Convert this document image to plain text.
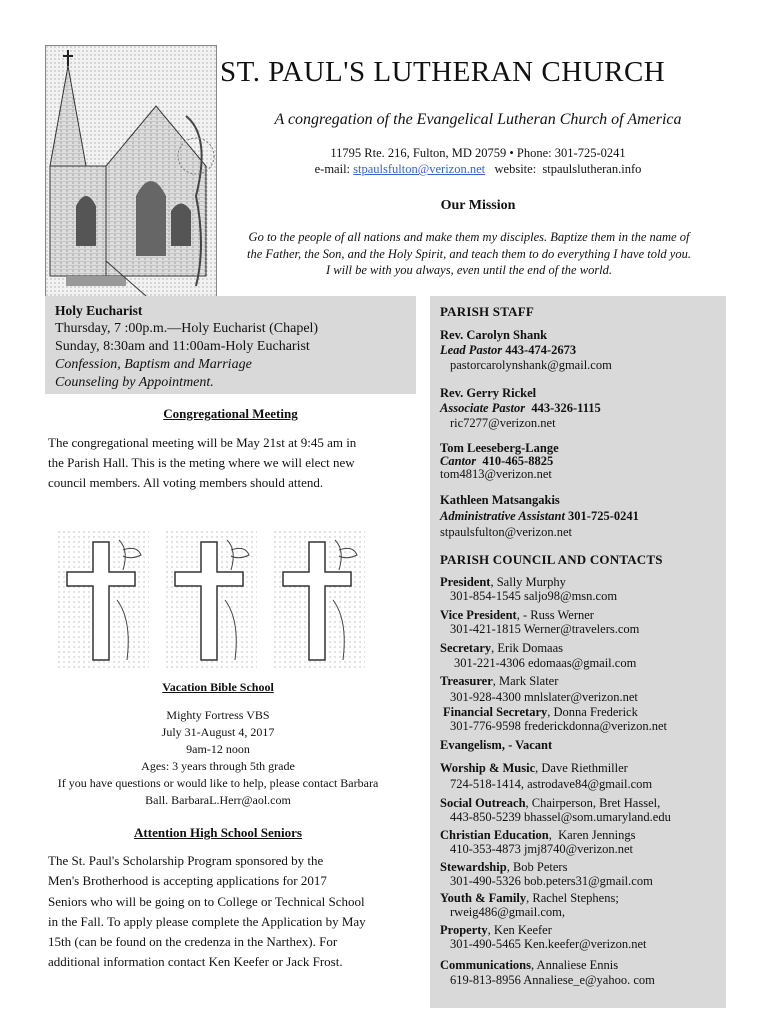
ST. PAUL'S LUTHERAN CHURCH
A congregation of the Evangelical Lutheran Church of America
11795 Rte. 216, Fulton, MD 20759 • Phone: 301-725-0241
e-mail: stpaulsfulton@verizon.net   website:  stpaulslutheran.info
Our Mission
Go to the people of all nations and make them my disciples. Baptize them in the name of
the Father, the Son, and the Holy Spirit, and teach them to do everything I have told you.
I will be with you always, even until the end of the world.
Holy Eucharist
Thursday, 7 :00p.m.—Holy Eucharist (Chapel)
Sunday, 8:30am and 11:00am-Holy Eucharist
Confession, Baptism and Marriage
Counseling by Appointment.
Congregational Meeting
The congregational meeting will be May 21st at 9:45 am in
the Parish Hall. This is the meting where we will elect new
council members. All voting members should attend.
Vacation Bible School
Mighty Fortress VBS
July 31-August 4, 2017
9am-12 noon
Ages: 3 years through 5th grade
If you have questions or would like to help, please contact Barbara
Ball. BarbaraL.Herr@aol.com
Attention High School Seniors
The St. Paul's Scholarship Program sponsored by the
Men's Brotherhood is accepting applications for 2017
Seniors who will be going on to College or Technical School
in the Fall. To apply please complete the Application by May
15th (can be found on the credenza in the Narthex). For
additional information contact Ken Keefer or Jack Frost.
PARISH STAFF
Rev. Carolyn Shank
Lead Pastor 443-474-2673
pastorcarolynshank@gmail.com
Rev. Gerry Rickel
Associate Pastor  443-326-1115
ric7277@verizon.net
Tom Leeseberg-Lange
Cantor  410-465-8825
tom4813@verizon.net
Kathleen Matsangakis
Administrative Assistant 301-725-0241
stpaulsfulton@verizon.net
PARISH COUNCIL AND CONTACTS
President, Sally Murphy
301-854-1545 saljo98@msn.com
Vice President, - Russ Werner
301-421-1815 Werner@travelers.com
Secretary, Erik Domaas
301-221-4306 edomaas@gmail.com
Treasurer, Mark Slater
301-928-4300 mnlslater@verizon.net
Financial Secretary, Donna Frederick
301-776-9598 frederickdonna@verizon.net
Evangelism, - Vacant
Worship & Music, Dave Riethmiller
724-518-1414, astrodave84@gmail.com
Social Outreach, Chairperson, Bret Hassel,
443-850-5239 bhassel@som.umaryland.edu
Christian Education,  Karen Jennings
410-353-4873 jmj8740@verizon.net
Stewardship, Bob Peters
301-490-5326 bob.peters31@gmail.com
Youth & Family, Rachel Stephens;
rweig486@gmail.com,
Property, Ken Keefer
301-490-5465 Ken.keefer@verizon.net
Communications, Annaliese Ennis
619-813-8956 Annaliese_e@yahoo. com
